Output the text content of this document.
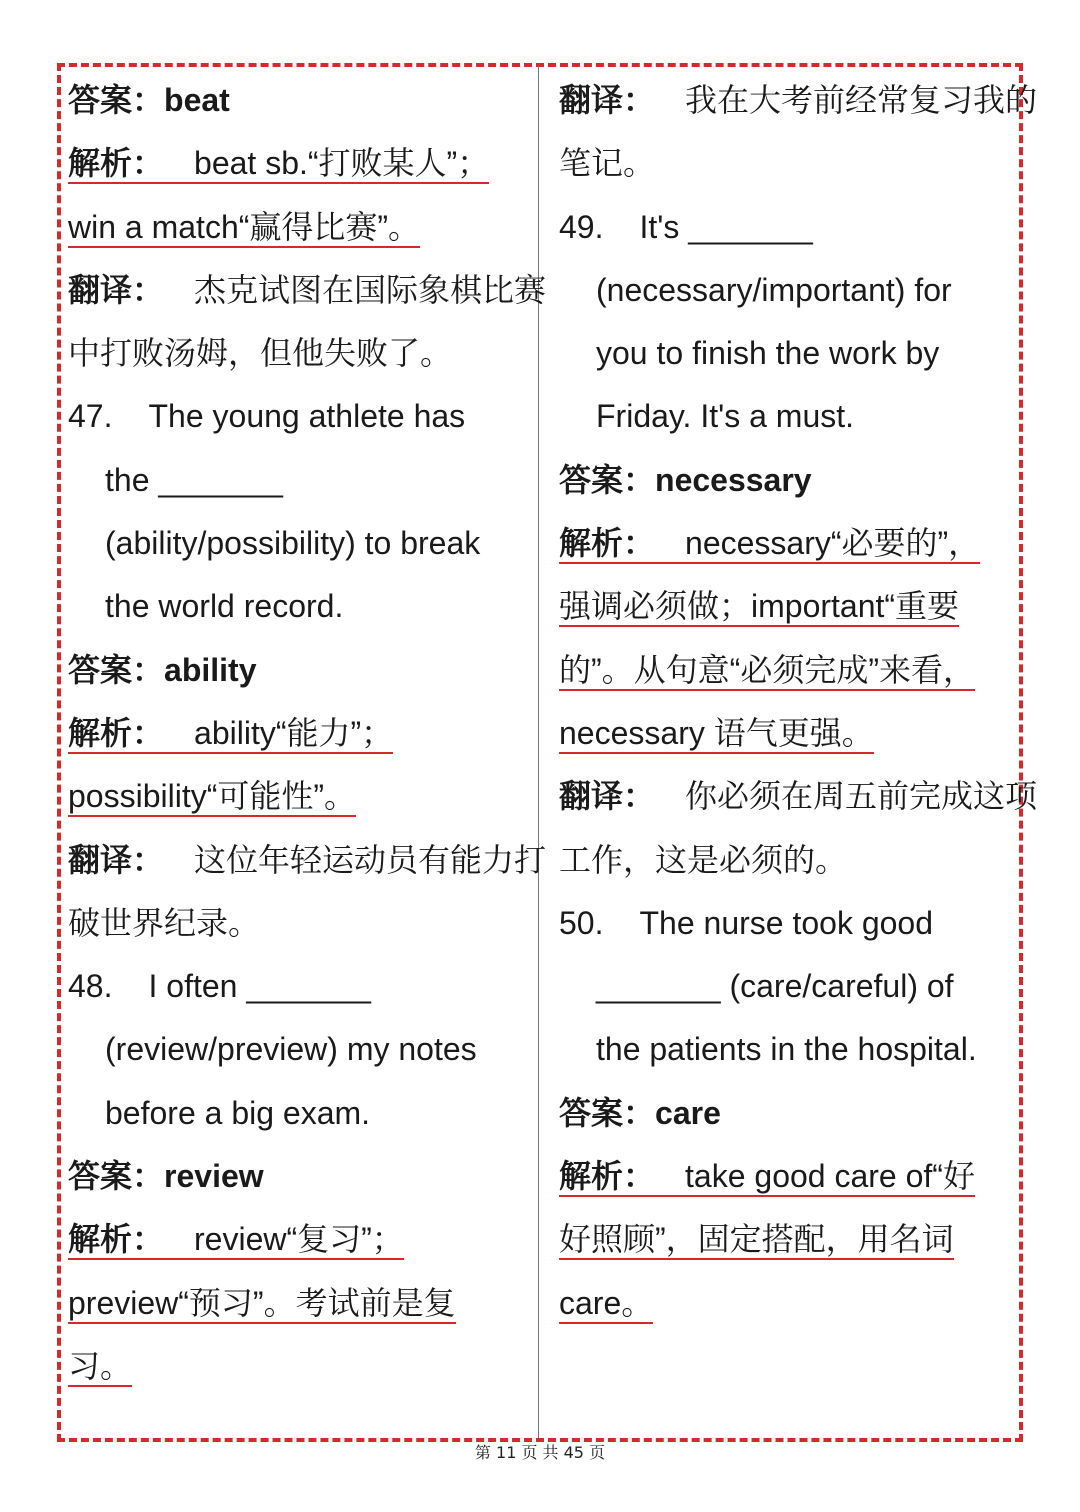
答案：beat
解析： beat sb.“打败某人”；
win a match“赢得比赛”。
翻译： 杰克试图在国际象棋比赛
中打败汤姆，但他失败了。
47. The young athlete has
the _______
(ability/possibility) to break
the world record.
答案：ability
解析： ability“能力”；
possibility“可能性”。
翻译： 这位年轻运动员有能力打
破世界纪录。
48. I often _______
(review/preview) my notes
before a big exam.
答案：review
解析： review“复习”；
preview“预习”。考试前是复
习。
翻译： 我在大考前经常复习我的
笔记。
49. It's _______
(necessary/important) for
you to finish the work by
Friday. It's a must.
答案：necessary
解析： necessary“必要的”，
强调必须做；important“重要
的”。从句意“必须完成”来看，
necessary 语气更强。
翻译： 你必须在周五前完成这项
工作，这是必须的。
50. The nurse took good
_______ (care/careful) of
the patients in the hospital.
答案：care
解析： take good care of“好
好照顾”，固定搭配，用名词
care。
第 11 页 共 45 页
